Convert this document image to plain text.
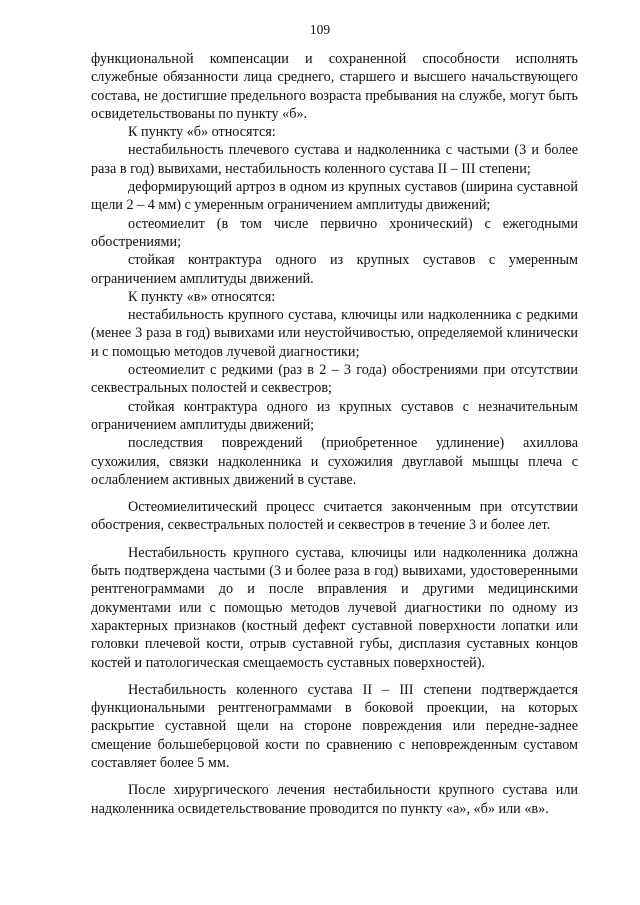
109

функциональной компенсации и сохраненной способности исполнять служебные обязанности лица среднего, старшего и высшего начальствующего состава, не достигшие предельного возраста пребывания на службе, могут быть освидетельствованы по пункту «б».

К пункту «б» относятся:

нестабильность плечевого сустава и надколенника с частыми (3 и более раза в год) вывихами, нестабильность коленного сустава II – III степени;

деформирующий артроз в одном из крупных суставов (ширина суставной щели 2 – 4 мм) с умеренным ограничением амплитуды движений;

остеомиелит (в том числе первично хронический) с ежегодными обострениями;

стойкая контрактура одного из крупных суставов с умеренным ограничением амплитуды движений.

К пункту «в» относятся:

нестабильность крупного сустава, ключицы или надколенника с редкими (менее 3 раза в год) вывихами или неустойчивостью, определяемой клинически и с помощью методов лучевой диагностики;

остеомиелит с редкими (раз в 2 – 3 года) обострениями при отсутствии секвестральных полостей и секвестров;

стойкая контрактура одного из крупных суставов с незначительным ограничением амплитуды движений;

последствия повреждений (приобретенное удлинение) ахиллова сухожилия, связки надколенника и сухожилия двуглавой мышцы плеча с ослаблением активных движений в суставе.

Остеомиелитический процесс считается законченным при отсутствии обострения, секвестральных полостей и секвестров в течение 3 и более лет.

Нестабильность крупного сустава, ключицы или надколенника должна быть подтверждена частыми (3 и более раза в год) вывихами, удостоверенными рентгенограммами до и после вправления и другими медицинскими документами или с помощью методов лучевой диагностики по одному из характерных признаков (костный дефект суставной поверхности лопатки или головки плечевой кости, отрыв суставной губы, дисплазия суставных концов костей и патологическая смещаемость суставных поверхностей).

Нестабильность коленного сустава II – III степени подтверждается функциональными рентгенограммами в боковой проекции, на которых раскрытие суставной щели на стороне повреждения или передне-заднее смещение большеберцовой кости по сравнению с неповрежденным суставом составляет более 5 мм.

После хирургического лечения нестабильности крупного сустава или надколенника освидетельствование проводится по пункту «а», «б» или «в».
